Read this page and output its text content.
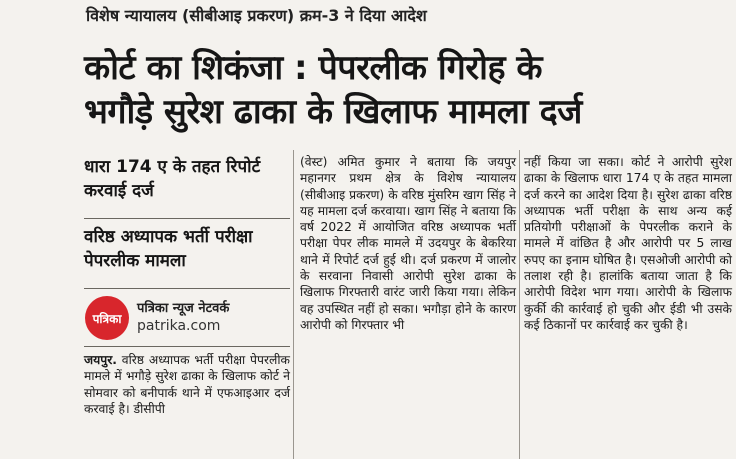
विशेष न्यायालय (सीबीआइ प्रकरण) क्रम-3 ने दिया आदेश
कोर्ट का शिकंजा : पेपरलीक गिरोह के
भगौड़े सुरेश ढाका के खिलाफ मामला दर्ज
धारा 174 ए के तहत रिपोर्ट करवाई दर्ज
वरिष्ठ अध्यापक भर्ती परीक्षा पेपरलीक मामला
पत्रिका
पत्रिका न्यूज नेटवर्क
patrika.com

जयपुर. वरिष्ठ अध्यापक भर्ती परीक्षा पेपरलीक मामले में भगौड़े सुरेश ढाका के खिलाफ कोर्ट ने सोमवार को बनीपार्क थाने में एफआइआर दर्ज करवाई है। डीसीपी

(वेस्ट) अमित कुमार ने बताया कि जयपुर महानगर प्रथम क्षेत्र के विशेष न्यायालय (सीबीआइ प्रकरण) के वरिष्ठ मुंसरिम खाग सिंह ने यह मामला दर्ज करवाया। खाग सिंह ने बताया कि वर्ष 2022 में आयोजित वरिष्ठ अध्यापक भर्ती परीक्षा पेपर लीक मामले में उदयपुर के बेकरिया थाने में रिपोर्ट दर्ज हुई थी। दर्ज प्रकरण में जालोर के सरवाना निवासी आरोपी सुरेश ढाका के खिलाफ गिरफ्तारी वारंट जारी किया गया। लेकिन वह उपस्थित नहीं हो सका। भगौड़ा होने के कारण आरोपी को गिरफ्तार भी

नहीं किया जा सका। कोर्ट ने आरोपी सुरेश ढाका के खिलाफ धारा 174 ए के तहत मामला दर्ज करने का आदेश दिया है। सुरेश ढाका वरिष्ठ अध्यापक भर्ती परीक्षा के साथ अन्य कई प्रतियोगी परीक्षाओं के पेपरलीक कराने के मामले में वांछित है और आरोपी पर 5 लाख रुपए का इनाम घोषित है। एसओजी आरोपी को तलाश रही है। हालांकि बताया जाता है कि आरोपी विदेश भाग गया। आरोपी के खिलाफ कुर्की की कार्रवाई हो चुकी और ईडी भी उसके कई ठिकानों पर कार्रवाई कर चुकी है।
